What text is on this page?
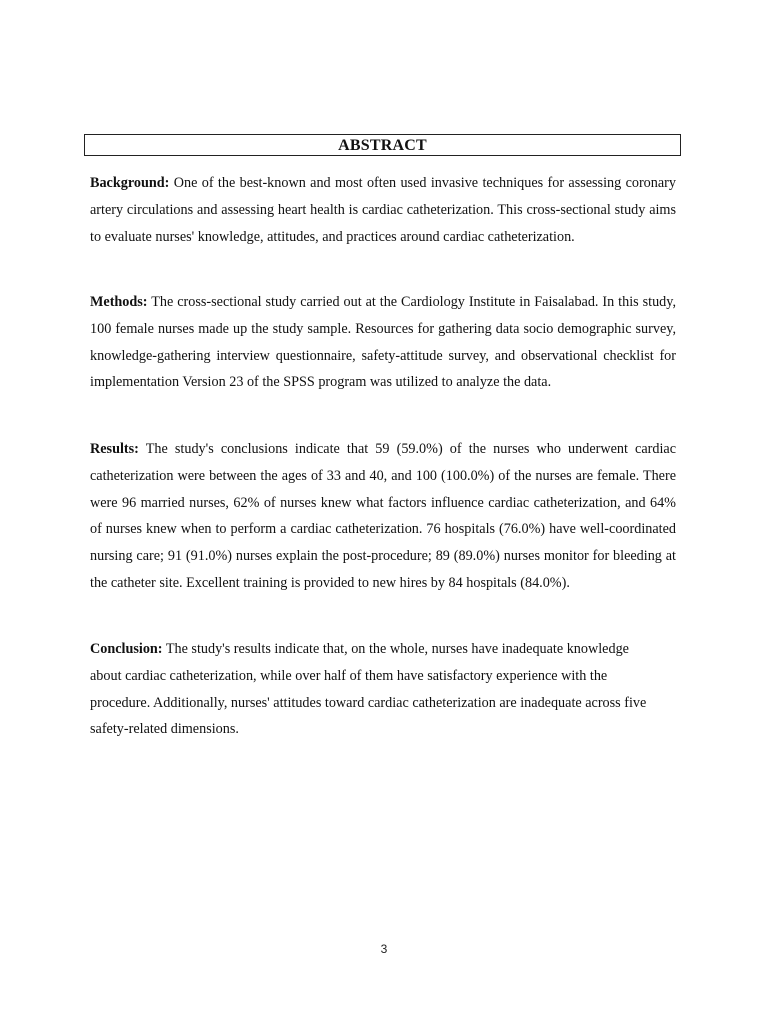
ABSTRACT

Background: One of the best-known and most often used invasive techniques for assessing coronary artery circulations and assessing heart health is cardiac catheterization. This cross-sectional study aims to evaluate nurses' knowledge, attitudes, and practices around cardiac catheterization.

Methods: The cross-sectional study carried out at the Cardiology Institute in Faisalabad. In this study, 100 female nurses made up the study sample. Resources for gathering data socio demographic survey, knowledge-gathering interview questionnaire, safety-attitude survey, and observational checklist for implementation Version 23 of the SPSS program was utilized to analyze the data.

Results: The study's conclusions indicate that 59 (59.0%) of the nurses who underwent cardiac catheterization were between the ages of 33 and 40, and 100 (100.0%) of the nurses are female. There were 96 married nurses, 62% of nurses knew what factors influence cardiac catheterization, and 64% of nurses knew when to perform a cardiac catheterization. 76 hospitals (76.0%) have well-coordinated nursing care; 91 (91.0%) nurses explain the post-procedure; 89 (89.0%) nurses monitor for bleeding at the catheter site. Excellent training is provided to new hires by 84 hospitals (84.0%).

Conclusion: The study's results indicate that, on the whole, nurses have inadequate knowledge about cardiac catheterization, while over half of them have satisfactory experience with the procedure. Additionally, nurses' attitudes toward cardiac catheterization are inadequate across five safety-related dimensions.

3
